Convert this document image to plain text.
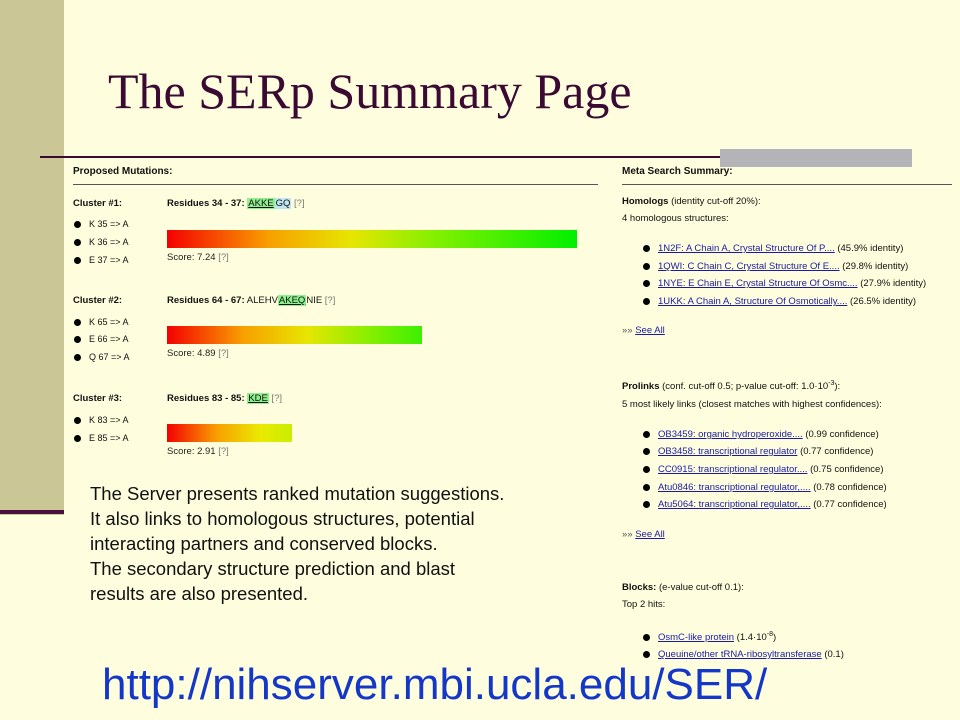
The SERp Summary Page
Proposed Mutations:
Cluster #1:
K 35 => A
K 36 => A
E 37 => A
Residues 34 - 37: AKKE GQ [?]
Score: 7.24 [?]
Cluster #2:
K 65 => A
E 66 => A
Q 67 => A
Residues 64 - 67: ALEHVAKEQNIE [?]
Score: 4.89 [?]
Cluster #3:
K 83 => A
E 85 => A
Residues 83 - 85: KDE [?]
Score: 2.91 [?]
The Server presents ranked mutation suggestions.
It also links to homologous structures, potential
interacting partners and conserved blocks.
The secondary structure prediction and blast
results are also presented.
Meta Search Summary:
Homologs (identity cut-off 20%):
4 homologous structures:
1N2F: A Chain A, Crystal Structure Of P.... (45.9% identity)
1QWI: C Chain C, Crystal Structure Of E.... (29.8% identity)
1NYE: E Chain E, Crystal Structure Of Osmc.... (27.9% identity)
1UKK: A Chain A, Structure Of Osmotically.... (26.5% identity)
»» See All
Prolinks (conf. cut-off 0.5; p-value cut-off: $1.0\cdot 10^{-3}$):
5 most likely links (closest matches with highest confidences):
OB3459: organic hydroperoxide.... (0.99 confidence)
OB3458: transcriptional regulator (0.77 confidence)
CC0915: transcriptional regulator.... (0.75 confidence)
Atu0846: transcriptional regulator,.... (0.78 confidence)
Atu5064: transcriptional regulator,.... (0.77 confidence)
»» See All
Blocks: (e-value cut-off 0.1):
Top 2 hits:
OsmC-like protein $(1.4\cdot 10^{-8})$
Queuine/other tRNA-ribosyltransferase (0.1)
http://nihserver.mbi.ucla.edu/SER/
